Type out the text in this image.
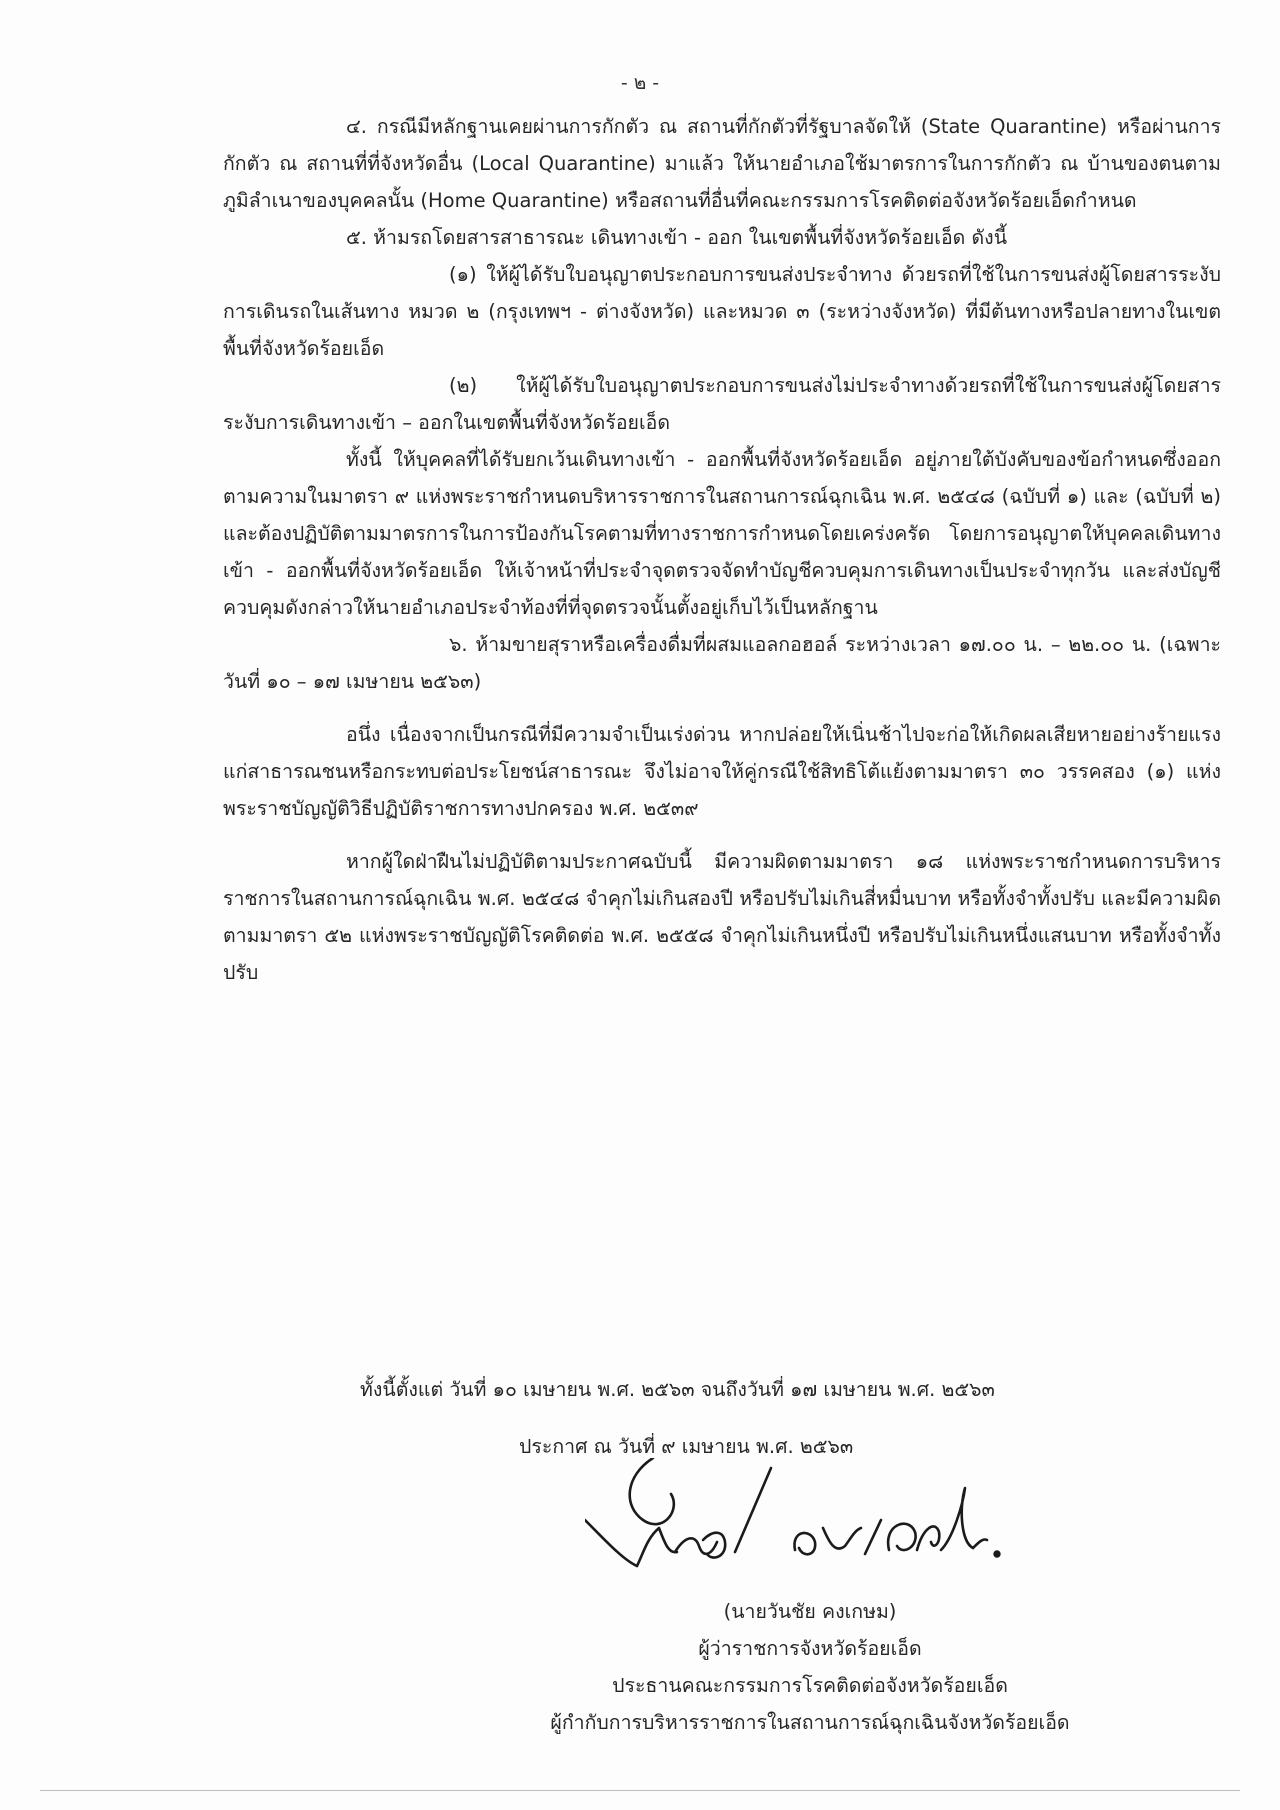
- ๒ -

๔. กรณีมีหลักฐานเคยผ่านการกักตัว ณ สถานที่กักตัวที่รัฐบาลจัดให้ (State Quarantine) หรือผ่านการกักตัว ณ สถานที่ที่จังหวัดอื่น (Local Quarantine) มาแล้ว ให้นายอำเภอใช้มาตรการในการกักตัว ณ บ้านของตนตามภูมิลำเนาของบุคคลนั้น (Home Quarantine) หรือสถานที่อื่นที่คณะกรรมการโรคติดต่อจังหวัดร้อยเอ็ดกำหนด

๕. ห้ามรถโดยสารสาธารณะ เดินทางเข้า - ออก ในเขตพื้นที่จังหวัดร้อยเอ็ด ดังนี้

(๑) ให้ผู้ได้รับใบอนุญาตประกอบการขนส่งประจำทาง ด้วยรถที่ใช้ในการขนส่งผู้โดยสารระงับการเดินรถในเส้นทาง หมวด ๒ (กรุงเทพฯ - ต่างจังหวัด) และหมวด ๓ (ระหว่างจังหวัด) ที่มีต้นทางหรือปลายทางในเขตพื้นที่จังหวัดร้อยเอ็ด

(๒) ให้ผู้ได้รับใบอนุญาตประกอบการขนส่งไม่ประจำทางด้วยรถที่ใช้ในการขนส่งผู้โดยสารระงับการเดินทางเข้า – ออกในเขตพื้นที่จังหวัดร้อยเอ็ด

ทั้งนี้ ให้บุคคลที่ได้รับยกเว้นเดินทางเข้า - ออกพื้นที่จังหวัดร้อยเอ็ด อยู่ภายใต้บังคับของข้อกำหนดซึ่งออกตามความในมาตรา ๙ แห่งพระราชกำหนดบริหารราชการในสถานการณ์ฉุกเฉิน พ.ศ. ๒๕๔๘ (ฉบับที่ ๑) และ (ฉบับที่ ๒) และต้องปฏิบัติตามมาตรการในการป้องกันโรคตามที่ทางราชการกำหนดโดยเคร่งครัด โดยการอนุญาตให้บุคคลเดินทางเข้า - ออกพื้นที่จังหวัดร้อยเอ็ด ให้เจ้าหน้าที่ประจำจุดตรวจจัดทำบัญชีควบคุมการเดินทางเป็นประจำทุกวัน และส่งบัญชีควบคุมดังกล่าวให้นายอำเภอประจำท้องที่ที่จุดตรวจนั้นตั้งอยู่เก็บไว้เป็นหลักฐาน

๖. ห้ามขายสุราหรือเครื่องดื่มที่ผสมแอลกอฮอล์ ระหว่างเวลา ๑๗.๐๐ น. – ๒๒.๐๐ น. (เฉพาะวันที่ ๑๐ – ๑๗ เมษายน ๒๕๖๓)

อนึ่ง เนื่องจากเป็นกรณีที่มีความจำเป็นเร่งด่วน หากปล่อยให้เนิ่นช้าไปจะก่อให้เกิดผลเสียหายอย่างร้ายแรงแก่สาธารณชนหรือกระทบต่อประโยชน์สาธารณะ จึงไม่อาจให้คู่กรณีใช้สิทธิโต้แย้งตามมาตรา ๓๐ วรรคสอง (๑) แห่งพระราชบัญญัติวิธีปฏิบัติราชการทางปกครอง พ.ศ. ๒๕๓๙

หากผู้ใดฝ่าฝืนไม่ปฏิบัติตามประกาศฉบับนี้ มีความผิดตามมาตรา ๑๘ แห่งพระราชกำหนดการบริหารราชการในสถานการณ์ฉุกเฉิน พ.ศ. ๒๕๔๘ จำคุกไม่เกินสองปี หรือปรับไม่เกินสี่หมื่นบาท หรือทั้งจำทั้งปรับ และมีความผิดตามมาตรา ๕๒ แห่งพระราชบัญญัติโรคติดต่อ พ.ศ. ๒๕๕๘ จำคุกไม่เกินหนึ่งปี หรือปรับไม่เกินหนึ่งแสนบาท หรือทั้งจำทั้งปรับ

ทั้งนี้ตั้งแต่ วันที่ ๑๐ เมษายน พ.ศ. ๒๕๖๓ จนถึงวันที่ ๑๗ เมษายน พ.ศ. ๒๕๖๓
ประกาศ ณ วันที่ ๙ เมษายน พ.ศ. ๒๕๖๓
(นายวันชัย คงเกษม)
ผู้ว่าราชการจังหวัดร้อยเอ็ด
ประธานคณะกรรมการโรคติดต่อจังหวัดร้อยเอ็ด
ผู้กำกับการบริหารราชการในสถานการณ์ฉุกเฉินจังหวัดร้อยเอ็ด
